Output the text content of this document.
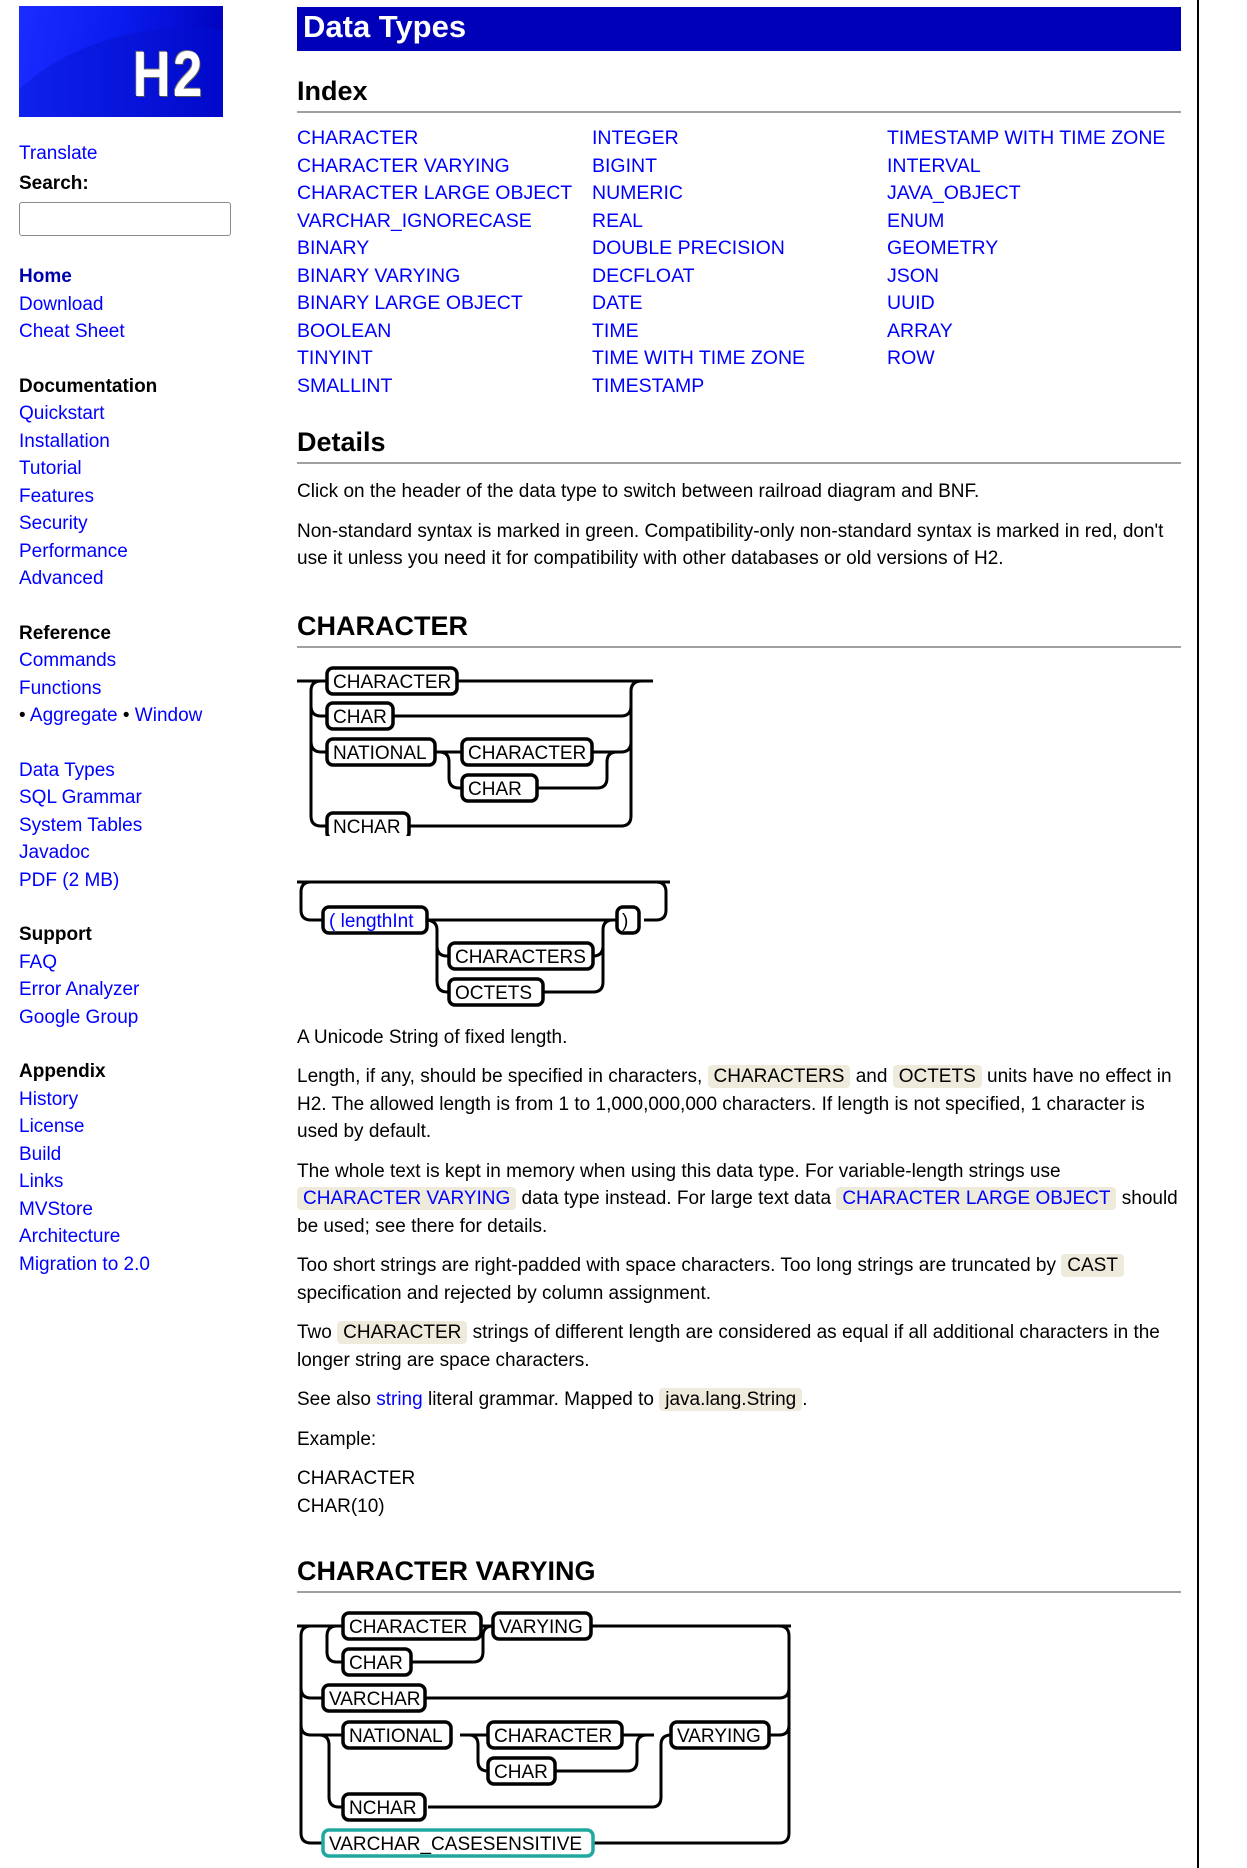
H2
Translate
Search:
Home
Download
Cheat Sheet
Documentation
Quickstart
Installation
Tutorial
Features
Security
Performance
Advanced
Reference
Commands
Functions
• Aggregate • Window
Data Types
SQL Grammar
System Tables
Javadoc
PDF (2 MB)
Support
FAQ
Error Analyzer
Google Group
Appendix
History
License
Build
Links
MVStore
Architecture
Migration to 2.0
Data Types
Index
CHARACTER
CHARACTER VARYING
CHARACTER LARGE OBJECT
VARCHAR_IGNORECASE
BINARY
BINARY VARYING
BINARY LARGE OBJECT
BOOLEAN
TINYINT
SMALLINT
INTEGER
BIGINT
NUMERIC
REAL
DOUBLE PRECISION
DECFLOAT
DATE
TIME
TIME WITH TIME ZONE
TIMESTAMP
TIMESTAMP WITH TIME ZONE
INTERVAL
JAVA_OBJECT
ENUM
GEOMETRY
JSON
UUID
ARRAY
ROW
Details

Click on the header of the data type to switch between railroad diagram and BNF.

Non-standard syntax is marked in green. Compatibility-only non-standard syntax is marked in red, don't use it unless you need it for compatibility with other databases or old versions of H2.

CHARACTER
CHARACTER
CHAR
NATIONAL CHARACTER
CHAR
NCHAR
( lengthInt
CHARACTERS
OCTETS
)

A Unicode String of fixed length.

Length, if any, should be specified in characters, CHARACTERS and OCTETS units have no effect in H2. The allowed length is from 1 to 1,000,000,000 characters. If length is not specified, 1 character is used by default.

The whole text is kept in memory when using this data type. For variable-length strings use CHARACTER VARYING data type instead. For large text data CHARACTER LARGE OBJECT should be used; see there for details.

Too short strings are right-padded with space characters. Too long strings are truncated by CAST specification and rejected by column assignment.

Two CHARACTER strings of different length are considered as equal if all additional characters in the longer string are space characters.

See also string literal grammar. Mapped to java.lang.String .

Example:

CHARACTER
CHAR(10)
CHARACTER VARYING
CHARACTER VARYING
CHAR
VARCHAR
NATIONAL	CHARACTER
CHAR
VARYING
NCHAR
VARCHAR_CASESENSITIVE
